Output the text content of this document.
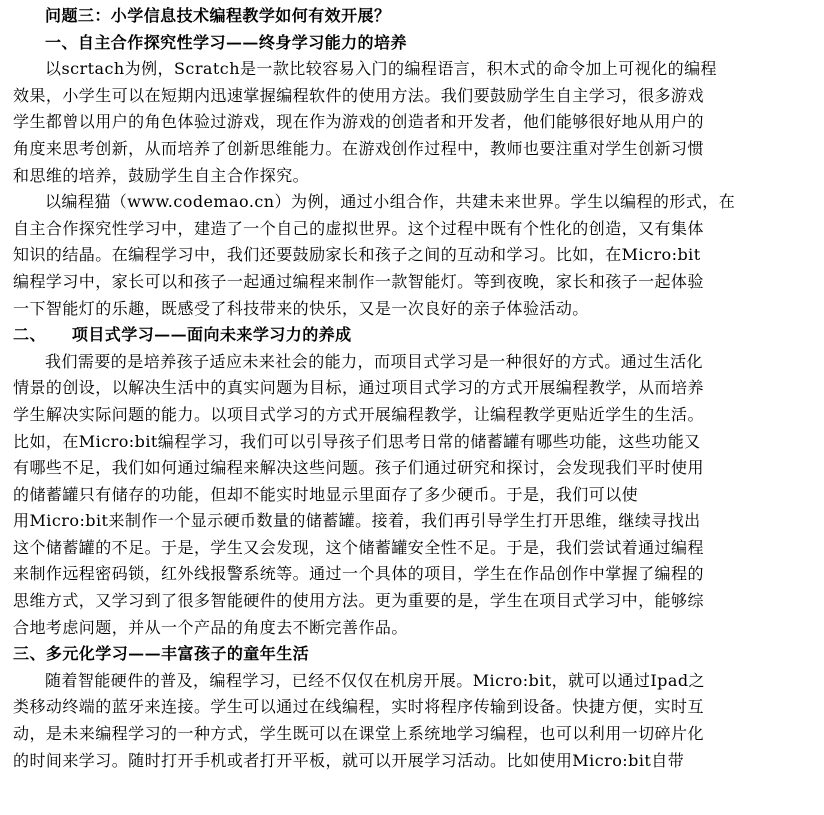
问题三：小学信息技术编程教学如何有效开展？
一、自主合作探究性学习——终身学习能力的培养
以scrtach为例，Scratch是一款比较容易入门的编程语言，积木式的命令加上可视化的编程
效果，小学生可以在短期内迅速掌握编程软件的使用方法。我们要鼓励学生自主学习，很多游戏
学生都曾以用户的角色体验过游戏，现在作为游戏的创造者和开发者，他们能够很好地从用户的
角度来思考创新，从而培养了创新思维能力。在游戏创作过程中，教师也要注重对学生创新习惯
和思维的培养，鼓励学生自主合作探究。
以编程猫（www.codemao.cn）为例，通过小组合作，共建未来世界。学生以编程的形式，在
自主合作探究性学习中，建造了一个自己的虚拟世界。这个过程中既有个性化的创造，又有集体
知识的结晶。在编程学习中，我们还要鼓励家长和孩子之间的互动和学习。比如，在Micro:bit
编程学习中，家长可以和孩子一起通过编程来制作一款智能灯。等到夜晚，家长和孩子一起体验
一下智能灯的乐趣，既感受了科技带来的快乐，又是一次良好的亲子体验活动。
二、 项目式学习——面向未来学习力的养成
我们需要的是培养孩子适应未来社会的能力，而项目式学习是一种很好的方式。通过生活化
情景的创设，以解决生活中的真实问题为目标，通过项目式学习的方式开展编程教学，从而培养
学生解决实际问题的能力。以项目式学习的方式开展编程教学，让编程教学更贴近学生的生活。
比如，在Micro:bit编程学习，我们可以引导孩子们思考日常的储蓄罐有哪些功能，这些功能又
有哪些不足，我们如何通过编程来解决这些问题。孩子们通过研究和探讨，会发现我们平时使用
的储蓄罐只有储存的功能，但却不能实时地显示里面存了多少硬币。于是，我们可以使
用Micro:bit来制作一个显示硬币数量的储蓄罐。接着，我们再引导学生打开思维，继续寻找出
这个储蓄罐的不足。于是，学生又会发现，这个储蓄罐安全性不足。于是，我们尝试着通过编程
来制作远程密码锁，红外线报警系统等。通过一个具体的项目，学生在作品创作中掌握了编程的
思维方式，又学习到了很多智能硬件的使用方法。更为重要的是，学生在项目式学习中，能够综
合地考虑问题，并从一个产品的角度去不断完善作品。
三、多元化学习——丰富孩子的童年生活
随着智能硬件的普及，编程学习，已经不仅仅在机房开展。Micro:bit，就可以通过Ipad之
类移动终端的蓝牙来连接。学生可以通过在线编程，实时将程序传输到设备。快捷方便，实时互
动，是未来编程学习的一种方式，学生既可以在课堂上系统地学习编程，也可以利用一切碎片化
的时间来学习。随时打开手机或者打开平板，就可以开展学习活动。比如使用Micro:bit自带
